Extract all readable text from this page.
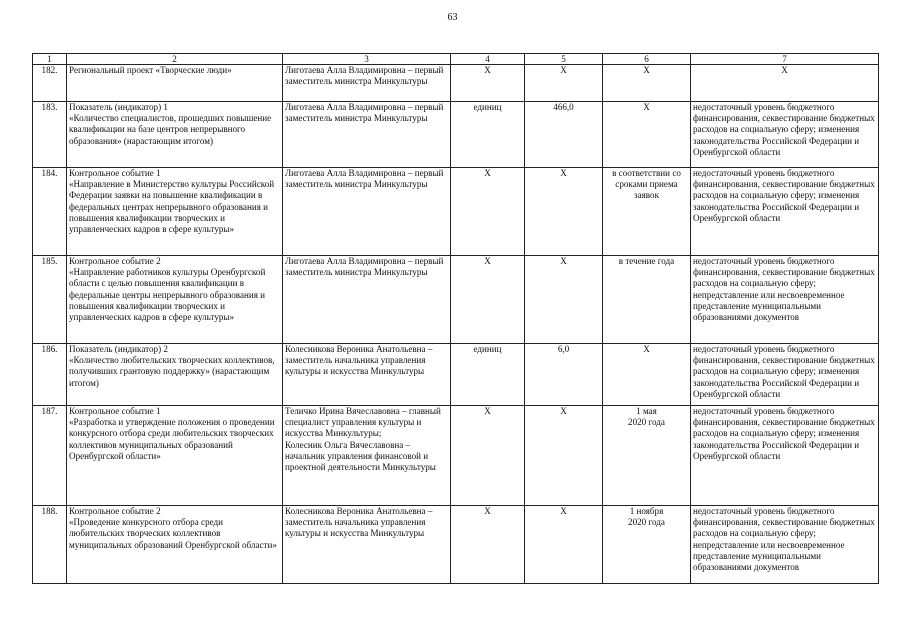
63
1	2	3	4	5	6	7
182.	Региональный проект «Творческие люди»	Лиготаева Алла Владимировна – первый заместитель министра Минкультуры	X	X	X	X
183.	Показатель (индикатор) 1
«Количество специалистов, прошедших повышение квалификации на базе центров непрерывного образования» (нарастающим итогом)	Лиготаева Алла Владимировна – первый заместитель министра Минкультуры	единиц	466,0	X	недостаточный уровень бюджетного финансирования, секвестирование бюджетных расходов на социальную сферу; изменения законодательства Российской Федерации и Оренбургской области
184.	Контрольное событие 1
«Направление в Министерство культуры Российской Федерации заявки на повышение квалификации в федеральных центрах непрерывного образования и повышения квалификации творческих и управленческих кадров в сфере культуры»	Лиготаева Алла Владимировна – первый заместитель министра Минкультуры	X	X	в соответствии со сроками приема заявок	недостаточный уровень бюджетного финансирования, секвестирование бюджетных расходов на социальную сферу; изменения законодательства Российской Федерации и Оренбургской области
185.	Контрольное событие 2
«Направление работников культуры Оренбургской области с целью повышения квалификации в федеральные центры непрерывного образования и повышения квалификации творческих и управленческих кадров в сфере культуры»	Лиготаева Алла Владимировна – первый заместитель министра Минкультуры	X	X	в течение года	недостаточный уровень бюджетного финансирования, секвестирование бюджетных расходов на социальную сферу; непредставление или несвоевременное представление муниципальными образованиями документов
186.	Показатель (индикатор) 2
«Количество любительских творческих коллективов, получивших грантовую поддержку» (нарастающим итогом)	Колесникова Вероника Анатольевна – заместитель начальника управления культуры и искусства Минкультуры	единиц	6,0	X	недостаточный уровень бюджетного финансирования, секвестирование бюджетных расходов на социальную сферу; изменения законодательства Российской Федерации и Оренбургской области
187.	Контрольное событие 1
«Разработка и утверждение положения о проведении конкурсного отбора среди любительских творческих коллективов муниципальных образований Оренбургской области»	Теличко Ирина Вячеславовна – главный специалист управления культуры и искусства Минкультуры;
Колесник Ольга Вячеславовна – начальник управления финансовой и проектной деятельности Минкультуры	X	X	1 мая
2020 года	недостаточный уровень бюджетного финансирования, секвестирование бюджетных расходов на социальную сферу; изменения законодательства Российской Федерации и Оренбургской области
188.	Контрольное событие 2
«Проведение конкурсного отбора среди любительских творческих коллективов муниципальных образований Оренбургской области»	Колесникова Вероника Анатольевна – заместитель начальника управления культуры и искусства Минкультуры	X	X	1 ноября
2020 года	недостаточный уровень бюджетного финансирования, секвестирование бюджетных расходов на социальную сферу; непредставление или несвоевременное представление муниципальными образованиями документов
